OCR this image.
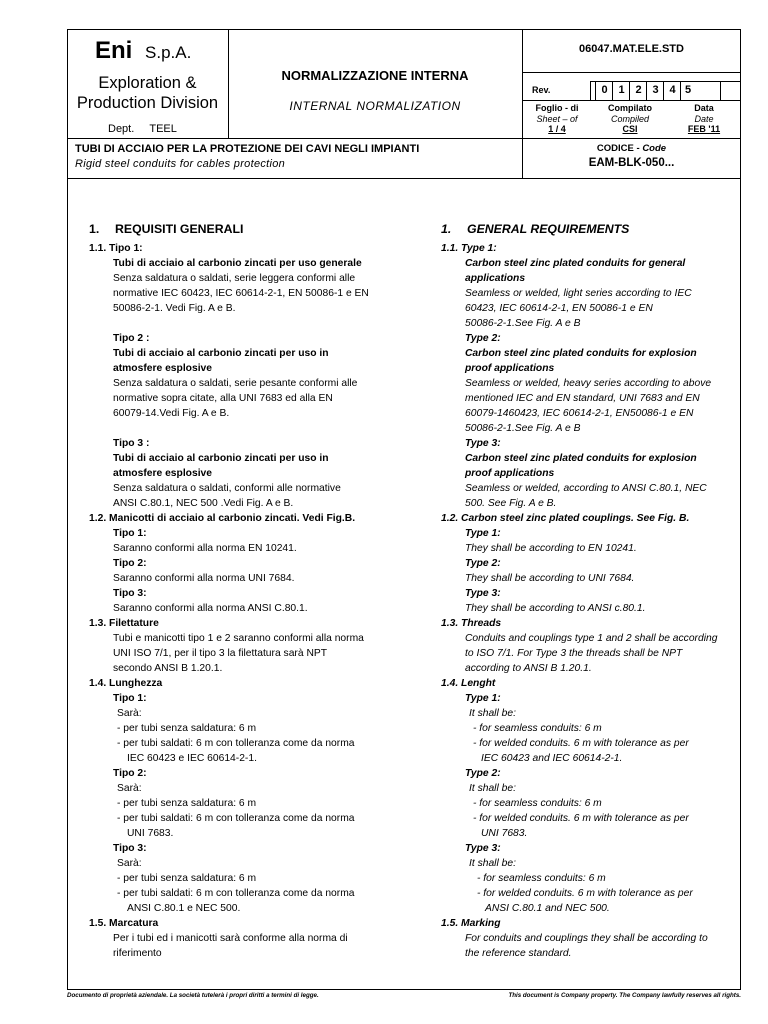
Eni S.p.A.
Exploration &
Production Division
Dept. TEEL
NORMALIZZAZIONE INTERNA
INTERNAL NORMALIZATION
06047.MAT.ELE.STD
Rev.	0 1 2 3 4 5
Foglio - di
Sheet – of
1 / 4
Compilato
Compiled
CSI
Data
Date
FEB '11
TUBI DI ACCIAIO PER LA PROTEZIONE DEI CAVI NEGLI IMPIANTI
Rigid steel conduits for cables protection
CODICE - Code
EAM-BLK-050...
1.	REQUISITI GENERALI
1.1. Tipo 1:
Tubi di acciaio al carbonio zincati per uso generale
Senza saldatura o saldati, serie leggera conformi alle
normative IEC 60423, IEC 60614-2-1, EN 50086-1 e EN
50086-2-1. Vedi Fig. A e B.
Tipo 2 :
Tubi di acciaio al carbonio zincati per uso in
atmosfere esplosive
Senza saldatura o saldati, serie pesante conformi alle
normative sopra citate, alla UNI 7683 ed alla EN
60079-14.Vedi Fig. A e B.
Tipo 3 :
Tubi di acciaio al carbonio zincati per uso in
atmosfere esplosive
Senza saldatura o saldati, conformi alle normative
ANSI C.80.1, NEC 500 .Vedi Fig. A e B.
1.2. Manicotti di acciaio al carbonio zincati. Vedi Fig.B.
Tipo 1:
Saranno conformi alla norma EN 10241.
Tipo 2:
Saranno conformi alla norma UNI 7684.
Tipo 3:
Saranno conformi alla norma ANSI C.80.1.
1.3. Filettature
Tubi e manicotti tipo 1 e 2 saranno conformi alla norma
UNI ISO 7/1, per il tipo 3 la filettatura sarà NPT
secondo ANSI B 1.20.1.
1.4. Lunghezza
Tipo 1:
Sarà:
- per tubi senza saldatura: 6 m
- per tubi saldati: 6 m con tolleranza come da norma
IEC 60423 e IEC 60614-2-1.
Tipo 2:
Sarà:
- per tubi senza saldatura: 6 m
- per tubi saldati: 6 m con tolleranza come da norma
UNI 7683.
Tipo 3:
Sarà:
- per tubi senza saldatura: 6 m
- per tubi saldati: 6 m con tolleranza come da norma
ANSI C.80.1 e NEC 500.
1.5. Marcatura
Per i tubi ed i manicotti sarà conforme alla norma di
riferimento
1.	GENERAL REQUIREMENTS
1.1. Type 1:
Carbon steel zinc plated conduits for general
applications
Seamless or welded, light series according to IEC
60423, IEC 60614-2-1, EN 50086-1 e EN
50086-2-1.See Fig. A e B
Type 2:
Carbon steel zinc plated conduits for explosion
proof applications
Seamless or welded, heavy series according to above
mentioned IEC and EN standard, UNI 7683 and EN
60079-1460423, IEC 60614-2-1, EN50086-1 e EN
50086-2-1.See Fig. A e B
Type 3:
Carbon steel zinc plated conduits for explosion
proof applications
Seamless or welded, according to ANSI C.80.1, NEC
500. See Fig. A e B.
1.2. Carbon steel zinc plated couplings. See Fig. B.
Type 1:
They shall be according to EN 10241.
Type 2:
They shall be according to UNI 7684.
Type 3:
They shall be according to ANSI c.80.1.
1.3. Threads
Conduits and couplings type 1 and 2 shall be according
to ISO 7/1. For Type 3 the threads shall be NPT
according to ANSI B 1.20.1.
1.4. Lenght
Type 1:
It shall be:
- for seamless conduits: 6 m
- for welded conduits. 6 m with tolerance as per
IEC 60423 and IEC 60614-2-1.
Type 2:
It shall be:
- for seamless conduits: 6 m
- for welded conduits. 6 m with tolerance as per
UNI 7683.
Type 3:
It shall be:
- for seamless conduits: 6 m
- for welded conduits. 6 m with tolerance as per
ANSI C.80.1 and NEC 500.
1.5. Marking
For conduits and couplings they shall be according to
the reference standard.
Documento di proprietà aziendale. La società tutelerà i propri diritti a termini di legge.	This document is Company property. The Company lawfully reserves all rights.
